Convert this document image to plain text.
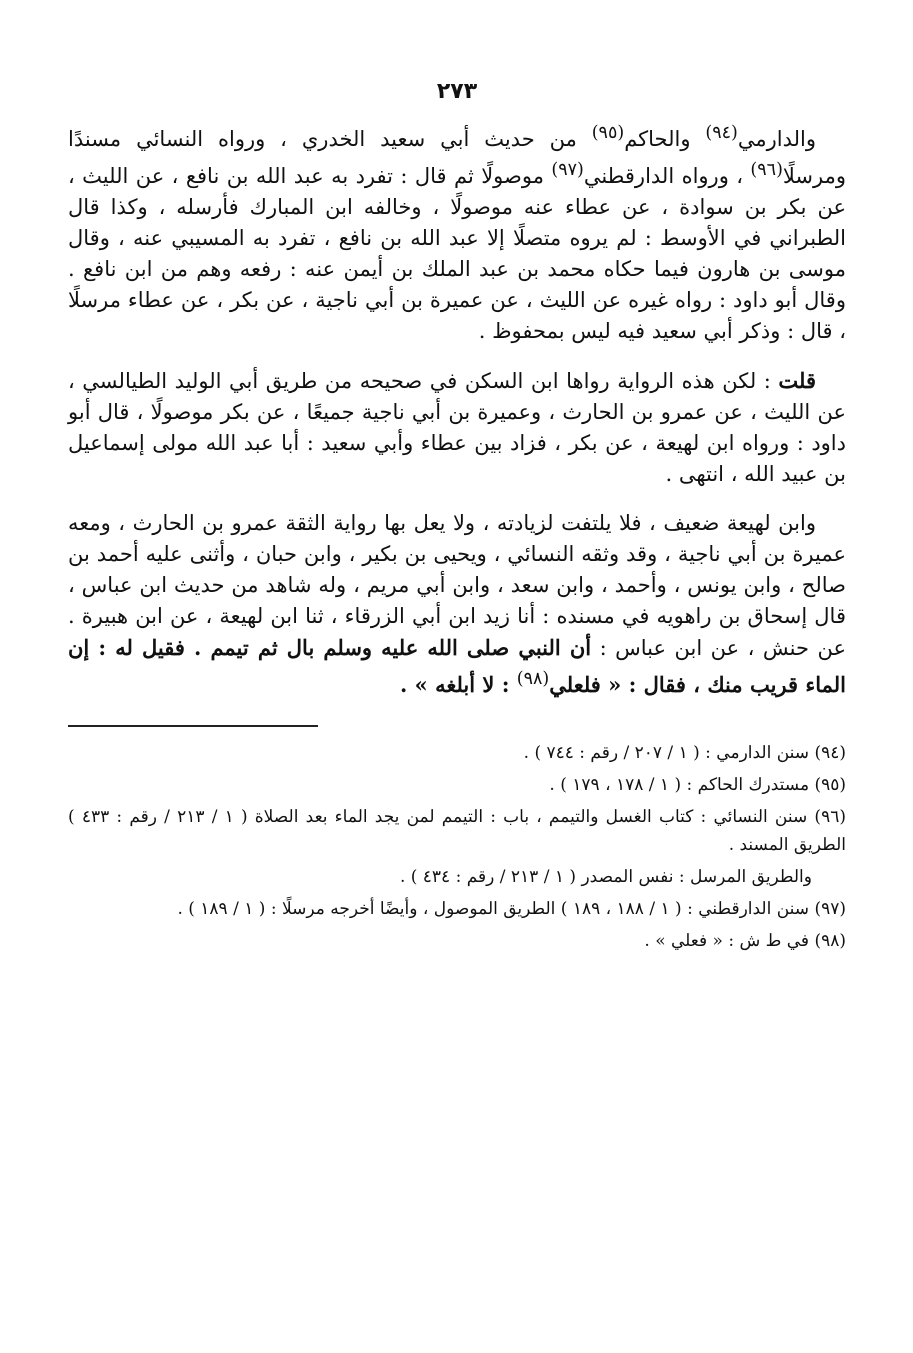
٢٧٣

والدارمي$^{(٩٤)}$ والحاكم$^{(٩٥)}$ من حديث أبي سعيد الخدري ، ورواه النسائي مسندًا ومرسلًا$^{(٩٦)}$ ، ورواه الدارقطني$^{(٩٧)}$ موصولًا ثم قال : تفرد به عبد الله بن نافع ، عن الليث ، عن بكر بن سوادة ، عن عطاء عنه موصولًا ، وخالفه ابن المبارك فأرسله ، وكذا قال الطبراني في الأوسط : لم يروه متصلًا إلا عبد الله بن نافع ، تفرد به المسيبي عنه ، وقال موسى بن هارون فيما حكاه محمد بن عبد الملك بن أيمن عنه : رفعه وهم من ابن نافع . وقال أبو داود : رواه غيره عن الليث ، عن عميرة بن أبي ناجية ، عن بكر ، عن عطاء مرسلًا ، قال : وذكر أبي سعيد فيه ليس بمحفوظ .

قلت : لكن هذه الرواية رواها ابن السكن في صحيحه من طريق أبي الوليد الطيالسي ، عن الليث ، عن عمرو بن الحارث ، وعميرة بن أبي ناجية جميعًا ، عن بكر موصولًا ، قال أبو داود : ورواه ابن لهيعة ، عن بكر ، فزاد بين عطاء وأبي سعيد : أبا عبد الله مولى إسماعيل بن عبيد الله ، انتهى .

وابن لهيعة ضعيف ، فلا يلتفت لزيادته ، ولا يعل بها رواية الثقة عمرو بن الحارث ، ومعه عميرة بن أبي ناجية ، وقد وثقه النسائي ، ويحيى بن بكير ، وابن حبان ، وأثنى عليه أحمد بن صالح ، وابن يونس ، وأحمد ، وابن سعد ، وابن أبي مريم ، وله شاهد من حديث ابن عباس ، قال إسحاق بن راهويه في مسنده : أنا زيد ابن أبي الزرقاء ، ثنا ابن لهيعة ، عن ابن هبيرة . عن حنش ، عن ابن عباس : أن النبي صلى الله عليه وسلم بال ثم تيمم . فقيل له : إن الماء قريب منك ، فقال : « فلعلي$^{(٩٨)}$ : لا أبلغه » .

(٩٤) سنن الدارمي : ( ١ / ٢٠٧ / رقم : ٧٤٤ ) .
(٩٥) مستدرك الحاكم : ( ١ / ١٧٨ ، ١٧٩ ) .
(٩٦) سنن النسائي : كتاب الغسل والتيمم ، باب : التيمم لمن يجد الماء بعد الصلاة ( ١ / ٢١٣ / رقم : ٤٣٣ ) الطريق المسند .
والطريق المرسل : نفس المصدر ( ١ / ٢١٣ / رقم : ٤٣٤ ) .
(٩٧) سنن الدارقطني : ( ١ / ١٨٨ ، ١٨٩ ) الطريق الموصول ، وأيضًا أخرجه مرسلًا : ( ١ / ١٨٩ ) .
(٩٨) في ط ش : « فعلي » .
